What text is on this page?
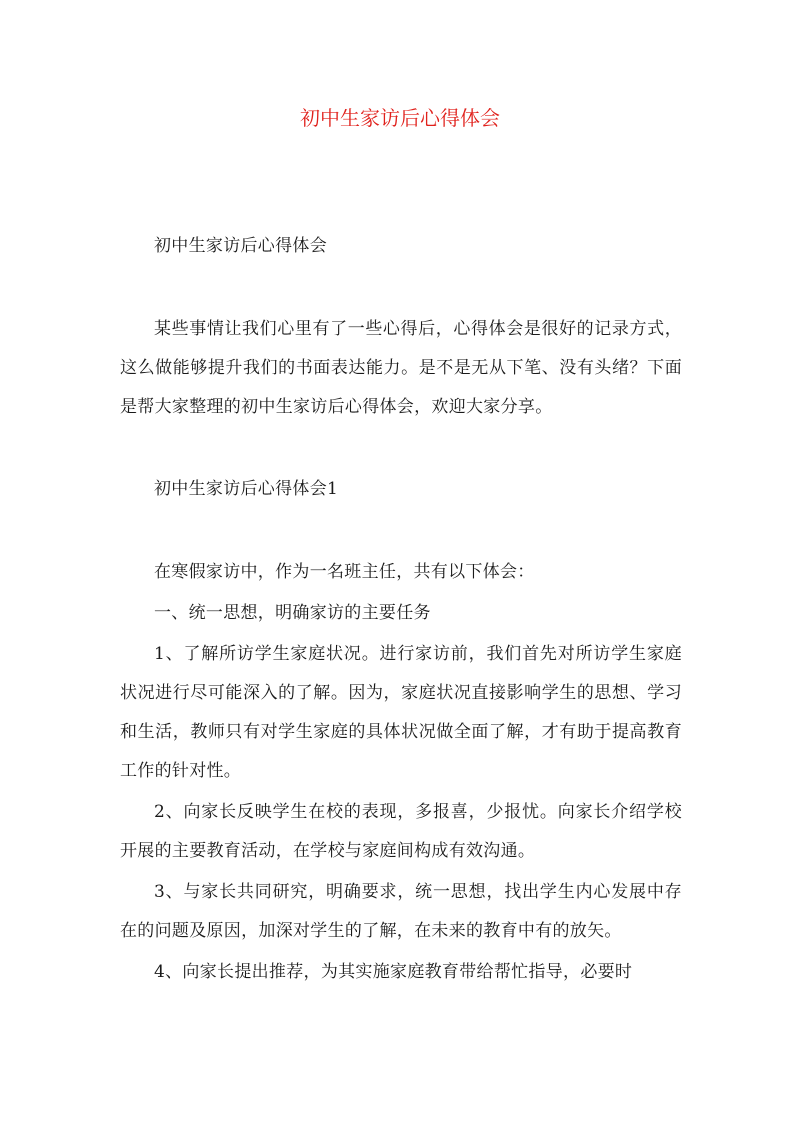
初中生家访后心得体会

初中生家访后心得体会

某些事情让我们心里有了一些心得后，心得体会是很好的记录方式，这么做能够提升我们的书面表达能力。是不是无从下笔、没有头绪？下面是帮大家整理的初中生家访后心得体会，欢迎大家分享。

初中生家访后心得体会1

在寒假家访中，作为一名班主任，共有以下体会：

一、统一思想，明确家访的主要任务

1、了解所访学生家庭状况。进行家访前，我们首先对所访学生家庭状况进行尽可能深入的了解。因为，家庭状况直接影响学生的思想、学习和生活，教师只有对学生家庭的具体状况做全面了解，才有助于提高教育工作的针对性。

2、向家长反映学生在校的表现，多报喜，少报忧。向家长介绍学校开展的主要教育活动，在学校与家庭间构成有效沟通。

3、与家长共同研究，明确要求，统一思想，找出学生内心发展中存在的问题及原因，加深对学生的了解，在未来的教育中有的放矢。

4、向家长提出推荐，为其实施家庭教育带给帮忙指导，必要时
